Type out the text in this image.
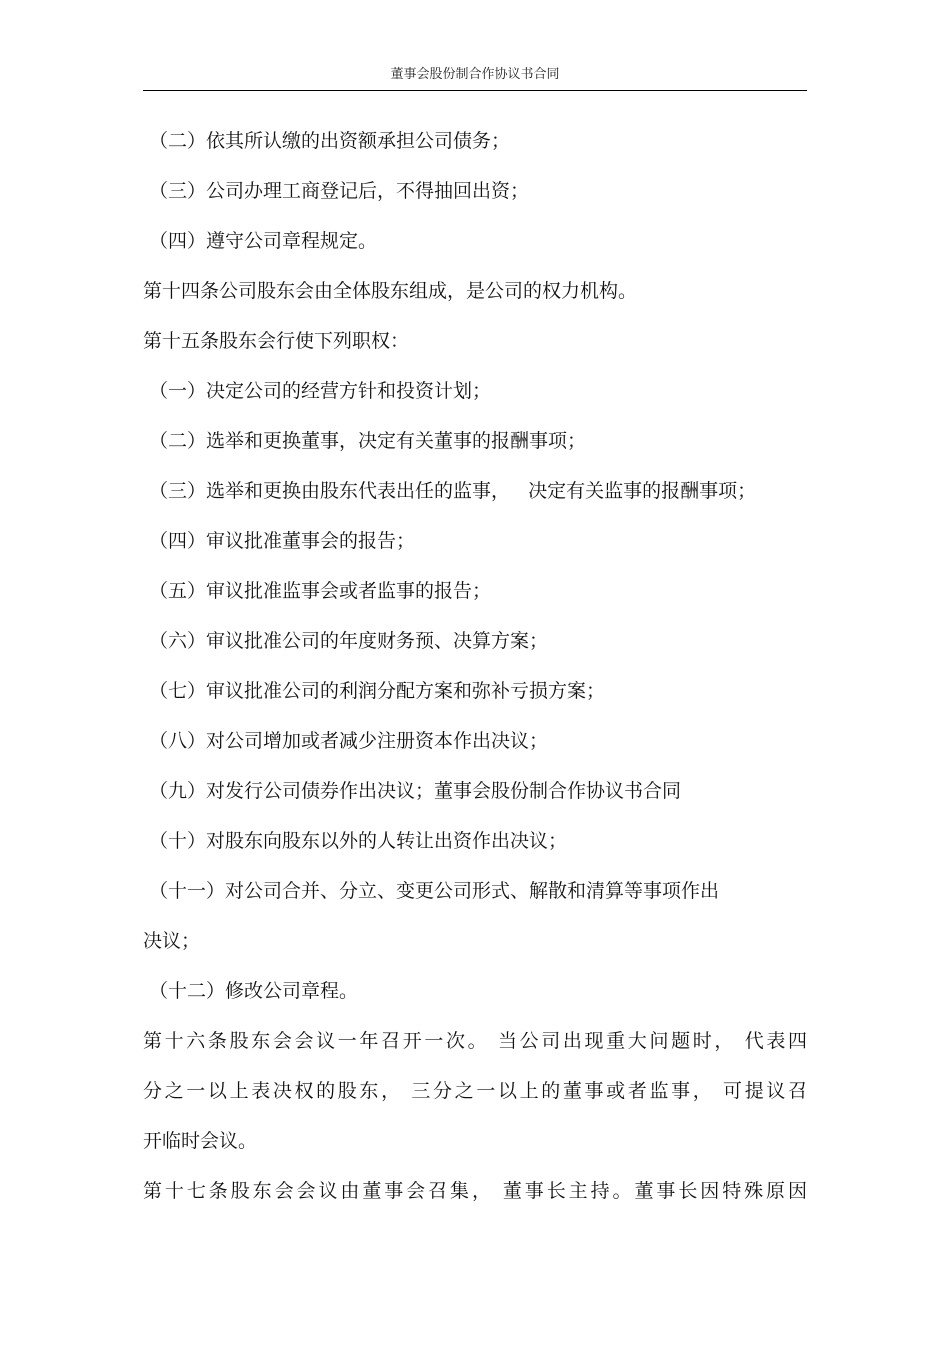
董事会股份制合作协议书合同
（二）依其所认缴的出资额承担公司债务；
（三）公司办理工商登记后，不得抽回出资；
（四）遵守公司章程规定。
第十四条公司股东会由全体股东组成，是公司的权力机构。
第十五条股东会行使下列职权：
（一）决定公司的经营方针和投资计划；
（二）选举和更换董事，决定有关董事的报酬事项；
（三）选举和更换由股东代表出任的监事，   决定有关监事的报酬事项；
（四）审议批准董事会的报告；
（五）审议批准监事会或者监事的报告；
（六）审议批准公司的年度财务预、决算方案；
（七）审议批准公司的利润分配方案和弥补亏损方案；
（八）对公司增加或者减少注册资本作出决议；
（九）对发行公司债券作出决议；董事会股份制合作协议书合同
（十）对股东向股东以外的人转让出资作出决议；
（十一）对公司合并、分立、变更公司形式、解散和清算等事项作出
决议；
（十二）修改公司章程。
第十六条股东会会议一年召开一次。 当公司出现重大问题时， 代表四
分之一以上表决权的股东， 三分之一以上的董事或者监事， 可提议召
开临时会议。
第十七条股东会会议由董事会召集， 董事长主持。董事长因特殊原因
